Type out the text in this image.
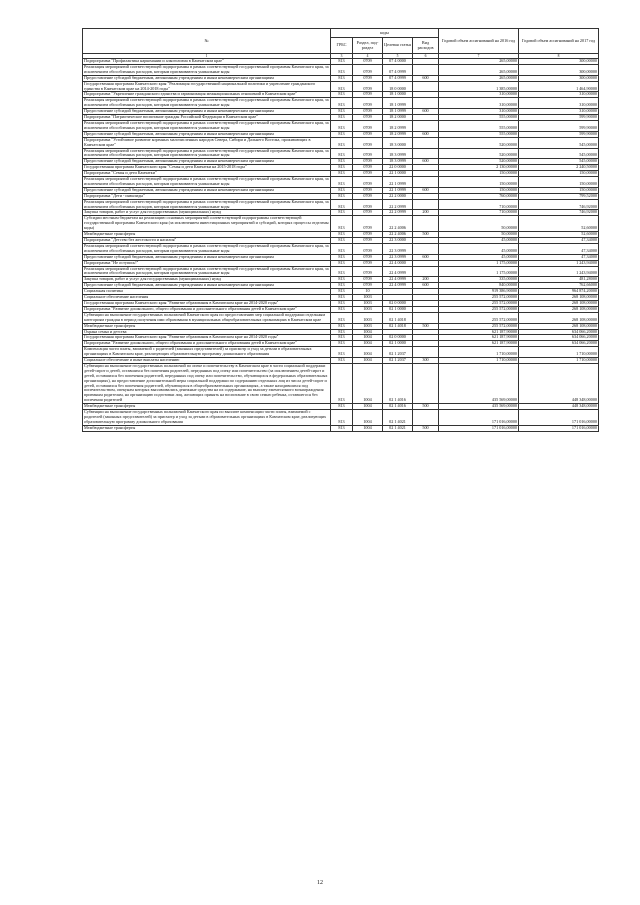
№	коды				Годовой объем ассигнований на 2016 год	Годовой объем ассигнований на 2017 год
	ГРБС	Раздел, под-раздел	Целевая статья	Вид расходов		
1	3	4	5	6	7	8
Подпрограмма "Профилактика наркомании и алкоголизма в Камчатском крае"	813	0709	07 4 0000		265,00000	300,00000
Реализация мероприятий соответствующей подпрограммы в рамках соответствующей государственной программы Камчатского края, за исключением обособленных расходов, которым присваиваются уникальные коды	813	0709	07 4 0999		265,00000	300,00000
Предоставление субсидий бюджетным, автономным учреждениям и иным некоммерческим организациям	813	0709	07 4 0999	600	265,00000	300,00000
Государственная программа Камчатского края "Реализация государственной национальной политики и укрепление гражданского единства в Камчатском крае на 2014-2018 годы"	813	0709	18 0 0000		1 385,00000	1 464,90000
Подпрограмма "Укрепление гражданского единства и гармонизация межнациональных отношений в Камчатском крае"	813	0709	18 1 0000		310,00000	310,00000
Реализация мероприятий соответствующей подпрограммы в рамках соответствующей государственной программы Камчатского края, за исключением обособленных расходов, которым присваиваются уникальные коды	813	0709	18 1 0999		310,00000	310,00000
Предоставление субсидий бюджетным, автономным учреждениям и иным некоммерческим организациям	813	0709	18 1 0999	600	310,00000	310,00000
Подпрограмма "Патриотическое воспитание граждан Российской Федерации в Камчатском крае"	813	0709	18 2 0000		555,00000	599,90000
Реализация мероприятий соответствующей подпрограммы в рамках соответствующей государственной программы Камчатского края, за исключением обособленных расходов, которым присваиваются уникальные коды	813	0709	18 2 0999		555,00000	599,90000
Предоставление субсидий бюджетным, автономным учреждениям и иным некоммерческим организациям	813	0709	18 2 0999	600	555,00000	599,90000
Подпрограмма "Устойчивое развитие коренных малочисленных народов Севера, Сибири и Дальнего Востока, проживающих в Камчатском крае"	813	0709	18 3 0000		520,00000	545,00000
Реализация мероприятий соответствующей подпрограммы в рамках соответствующей государственной программы Камчатского края, за исключением обособленных расходов, которым присваиваются уникальные коды	813	0709	18 3 0999		520,00000	545,00000
Предоставление субсидий бюджетным, автономным учреждениям и иным некоммерческим организациям	813	0709	18 3 0999	600	520,00000	545,00000
Государственная программа Камчатского края "Семья и дети Камчатки на 2015-2018 годы"	813	0709	22 0 0000		2 130,00000	2 240,50000
Подпрограмма "Семья и дети Камчатки"	813	0709	22 1 0000		150,00000	150,00000
Реализация мероприятий соответствующей подпрограммы в рамках соответствующей государственной программы Камчатского края, за исключением обособленных расходов, которым присваиваются уникальные коды	813	0709	22 1 0999		150,00000	150,00000
Предоставление субсидий бюджетным, автономным учреждениям и иным некоммерческим организациям	813	0709	22 1 0999	600	150,00000	150,00000
Подпрограмма "Дети - инвалиды"	813	0709	22 2 0000		760,00000	799,52000
Реализация мероприятий соответствующей подпрограммы в рамках соответствующей государственной программы Камчатского края, за исключением обособленных расходов, которым присваиваются уникальные коды	813	0709	22 2 0999		710,00000	746,92000
Закупка товаров, работ и услуг для государственных (муниципальных) нужд	813	0709	22 2 0999	200	710,00000	746,92000
Субсидии местным бюджетам на реализацию основных мероприятий соответствующей подпрограммы соответствующей государственной программы Камчатского края (за исключением инвестиционных мероприятий и субсидий, которых процессы отделены коды)	813	0709	22 2 4006		50,00000	52,60000
Межбюджетные трансферты	813	0709	22 2 4006	500	50,00000	52,60000
Подпрограмма "Детство без жестокости и насилия"	813	0709	22 3 0000		45,00000	47,34000
Реализация мероприятий соответствующей подпрограммы в рамках соответствующей государственной программы Камчатского края, за исключением обособленных расходов, которым присваиваются уникальные коды	813	0709	22 3 0999		45,00000	47,34000
Предоставление субсидий бюджетным, автономным учреждениям и иным некоммерческим организациям	813	0709	22 3 0999	600	45,00000	47,34000
Подпрограмма "Не оступись!"	813	0709	22 4 0000		1 175,00000	1 243,94000
Реализация мероприятий соответствующей подпрограммы в рамках соответствующей государственной программы Камчатского края, за исключением обособленных расходов, которым присваиваются уникальные коды	813	0709	22 4 0999		1 175,00000	1 243,94000
Закупка товаров, работ и услуг для государственных (муниципальных) нужд	813	0709	22 4 0999	200	335,00000	481,28000
Предоставление субсидий бюджетным, автономным учреждениям и иным некоммерческим организациям	813	0709	22 4 0999	600	840,00000	762,66000
Социальная политика	813	10			919 386,90000	964 874,20000
Социальное обеспечение населения	813	1003			255 572,00000	268 108,00000
Государственная программа Камчатского края "Развитие образования в Камчатском крае на 2014-2020 годы"	813	1003	02 0 0000		255 572,00000	268 108,00000
Подпрограмма "Развитие дошкольного, общего образования и дополнительного образования детей в Камчатском крае"	813	1003	02 1 0000		255 572,00000	268 108,00000
Субвенции на выполнение государственных полномочий Камчатского края по предоставлению мер социальной поддержки отдельным категориям граждан в период получения ими образования в муниципальных общеобразовательных организациях в Камчатском крае	813	1003	02 1 4018		255 572,00000	268 108,00000
Межбюджетные трансферты	813	1003	02 1 4018	500	255 572,00000	268 108,00000
Охрана семьи и детства	813	1004			621 187,90000	634 066,20000
Государственная программа Камчатского края "Развитие образования в Камчатском крае на 2014-2020 годы"	813	1004	02 0 0000		621 187,90000	634 066,20000
Подпрограмма "Развитие дошкольного, общего образования и дополнительного образования детей в Камчатском крае"	813	1004	02 1 0000		621 187,90000	634 066,20000
Компенсация части платы, взимаемой с родителей (законных представителей) за присмотр и уход за детьми в образовательных организациях в Камчатском крае, реализующих образовательную программу дошкольного образования	813	1004	02 1 2037		1 710,00000	1 710,00000
Социальное обеспечение и иные выплаты населению	813	1004	02 1 2037	300	1 710,00000	1 710,00000
Субвенции на выполнение государственных полномочий по опеке и попечительству в Камчатском крае в части социальной поддержки детей-сирот и детей, оставшихся без попечения родителей, переданных под опеку или попечительство (за исключением детей-сирот и детей, оставшихся без попечения родителей, переданных под опеку или попечительство, обучающихся в федеральных образовательных организациях), на предоставление дополнительной меры социальной поддержки по содержанию отдельных лиц из числа детей-сирот и детей, оставшихся без попечения родителей, обучающихся в общеобразовательных организациях, а также находившихся под попечительством, опекунам которых выплачивались денежные средства на их содержание, на выплату ежемесячного вознаграждения приемным родителям, на организацию подготовки лиц, желающих принять на воспитание в свою семью ребенка, оставшегося без попечения родителей	813	1004	02 1 4016		435 569,00000	448 348,00000
Межбюджетные трансферты	813	1004	02 1 4016	500	435 569,00000	448 348,00000
Субвенции на выполнение государственных полномочий Камчатского края по выплате компенсации части платы, взимаемой с родителей (законных представителей) за присмотр и уход за детьми в образовательных организациях в Камчатском крае, реализующих образовательную программу дошкольного образования	813	1004	02 1 4021		171 016,00000	171 016,00000
Межбюджетные трансферты	813	1004	02 1 4021	500	171 016,00000	171 016,00000
12
